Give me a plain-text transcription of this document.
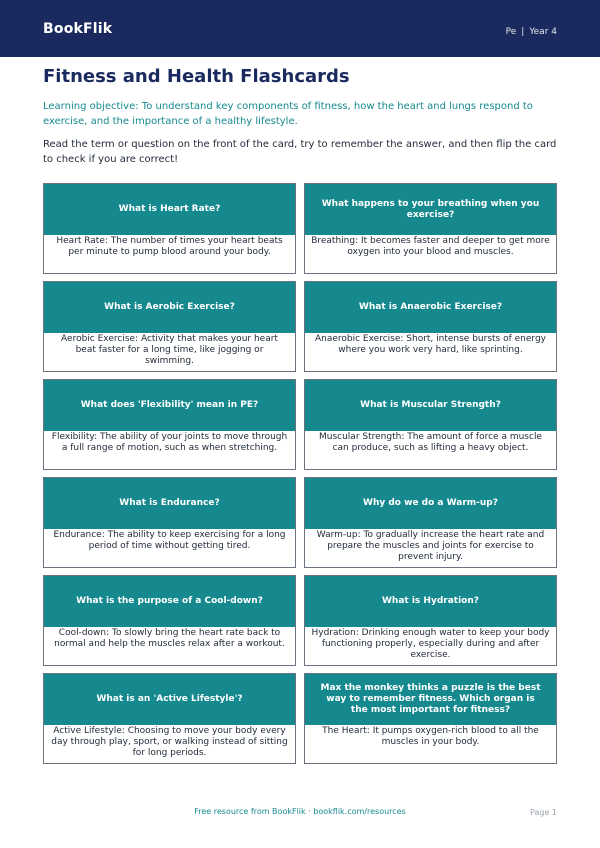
BookFlik	Pe | Year 4
Fitness and Health Flashcards
Learning objective: To understand key components of fitness, how the heart and lungs respond to exercise, and the importance of a healthy lifestyle.
Read the term or question on the front of the card, try to remember the answer, and then flip the card to check if you are correct!
What is Heart Rate?
Heart Rate: The number of times your heart beats per minute to pump blood around your body.
What happens to your breathing when you exercise?
Breathing: It becomes faster and deeper to get more oxygen into your blood and muscles.
What is Aerobic Exercise?
Aerobic Exercise: Activity that makes your heart beat faster for a long time, like jogging or swimming.
What is Anaerobic Exercise?
Anaerobic Exercise: Short, intense bursts of energy where you work very hard, like sprinting.
What does 'Flexibility' mean in PE?
Flexibility: The ability of your joints to move through a full range of motion, such as when stretching.
What is Muscular Strength?
Muscular Strength: The amount of force a muscle can produce, such as lifting a heavy object.
What is Endurance?
Endurance: The ability to keep exercising for a long period of time without getting tired.
Why do we do a Warm-up?
Warm-up: To gradually increase the heart rate and prepare the muscles and joints for exercise to prevent injury.
What is the purpose of a Cool-down?
Cool-down: To slowly bring the heart rate back to normal and help the muscles relax after a workout.
What is Hydration?
Hydration: Drinking enough water to keep your body functioning properly, especially during and after exercise.
What is an 'Active Lifestyle'?
Active Lifestyle: Choosing to move your body every day through play, sport, or walking instead of sitting for long periods.
Max the monkey thinks a puzzle is the best way to remember fitness. Which organ is the most important for fitness?
The Heart: It pumps oxygen-rich blood to all the muscles in your body.
Free resource from BookFlik · bookflik.com/resources	Page 1
